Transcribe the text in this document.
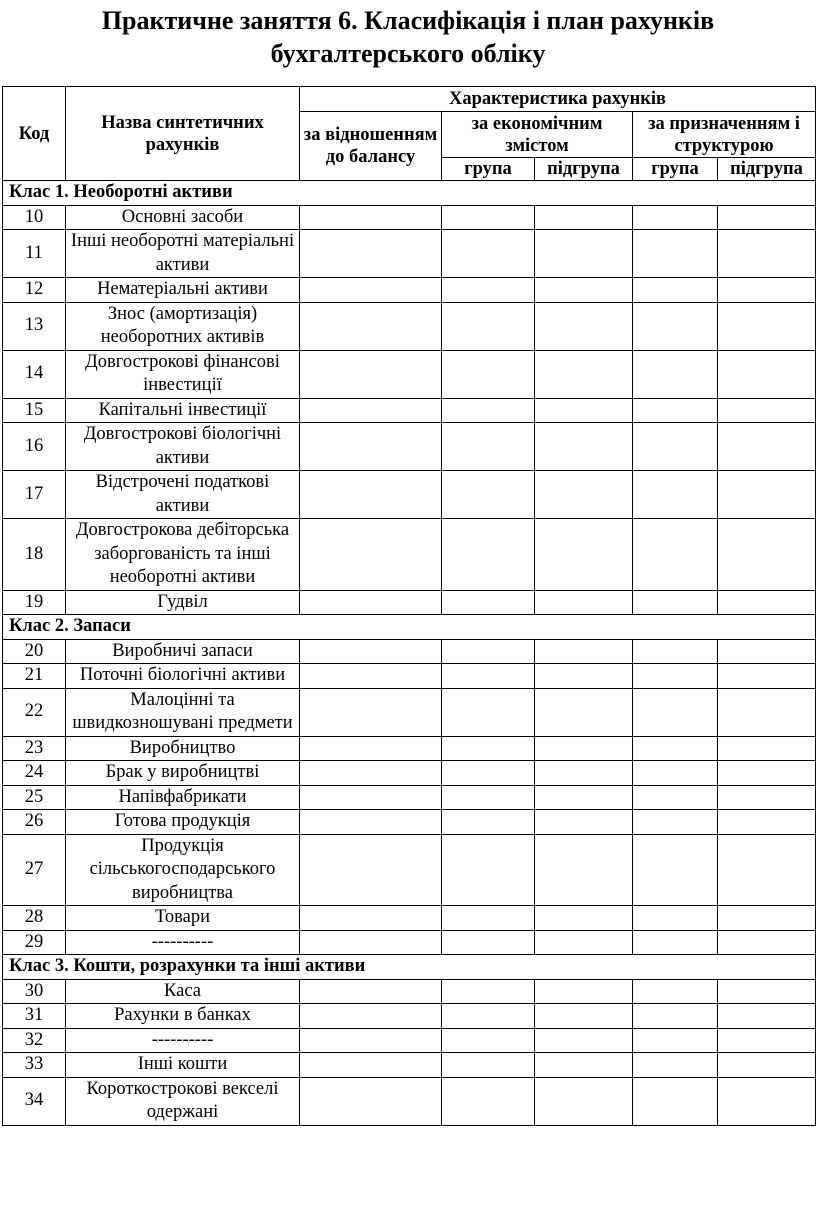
Практичне заняття 6. Класифікація і план рахунків
бухгалтерського обліку
Код	Назва синтетичних рахунків	Характеристика рахунків				
		за відношенням до балансу	за економічним змістом		за призначенням і структурою	
			група	підгрупа	група	підгрупа
Клас 1. Необоротні активи						
10	Основні засоби					
11	Інші необоротні матеріальні активи					
12	Нематеріальні активи					
13	Знос (амортизація) необоротних активів					
14	Довгострокові фінансові інвестиції					
15	Капітальні інвестиції					
16	Довгострокові біологічні активи					
17	Відстрочені податкові активи					
18	Довгострокова дебіторська заборгованість та інші необоротні активи					
19	Гудвіл					
Клас 2. Запаси						
20	Виробничі запаси					
21	Поточні біологічні активи					
22	Малоцінні та швидкозношувані предмети					
23	Виробництво					
24	Брак у виробництві					
25	Напівфабрикати					
26	Готова продукція					
27	Продукція сільськогосподарського виробництва					
28	Товари					
29	----------					
Клас 3. Кошти, розрахунки та інші активи						
30	Каса					
31	Рахунки в банках					
32	----------					
33	Інші кошти					
34	Короткострокові векселі одержані					
